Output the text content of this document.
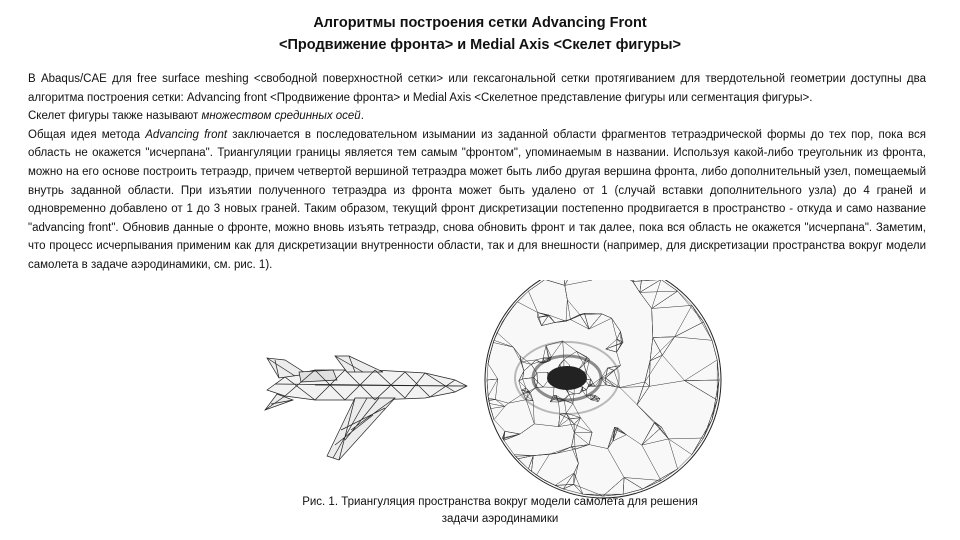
Алгоритмы построения сетки Advancing Front
<Продвижение фронта> и Medial Axis <Скелет фигуры>

В Abaqus/CAE для free surface meshing <свободной поверхностной сетки> или гексагональной сетки протягиванием для твердотельной геометрии доступны два алгоритма построения сетки: Advancing front <Продвижение фронта> и Medial Axis <Скелетное представление фигуры или сегментация фигуры>.

Скелет фигуры также называют множеством срединных осей.

Общая идея метода Advancing front заключается в последовательном изымании из заданной области фрагментов тетраэдрической формы до тех пор, пока вся область не окажется "исчерпана". Триангуляции границы является тем самым "фронтом", упоминаемым в названии. Используя какой-либо треугольник из фронта, можно на его основе построить тетраэдр, причем четвертой вершиной тетраэдра может быть либо другая вершина фронта, либо дополнительный узел, помещаемый внутрь заданной области. При изъятии полученного тетраэдра из фронта может быть удалено от 1 (случай вставки дополнительного узла) до 4 граней и одновременно добавлено от 1 до 3 новых граней. Таким образом, текущий фронт дискретизации постепенно продвигается в пространство - откуда и само название "advancing front". Обновив данные о фронте, можно вновь изъять тетраэдр, снова обновить фронт и так далее, пока вся область не окажется "исчерпана". Заметим, что процесс исчерпывания применим как для дискретизации внутренности области, так и для внешности (например, для дискретизации пространства вокруг модели самолета в задаче аэродинамики, см. рис. 1).

Рис. 1. Триангуляция пространства вокруг модели самолета для решения
задачи аэродинамики
